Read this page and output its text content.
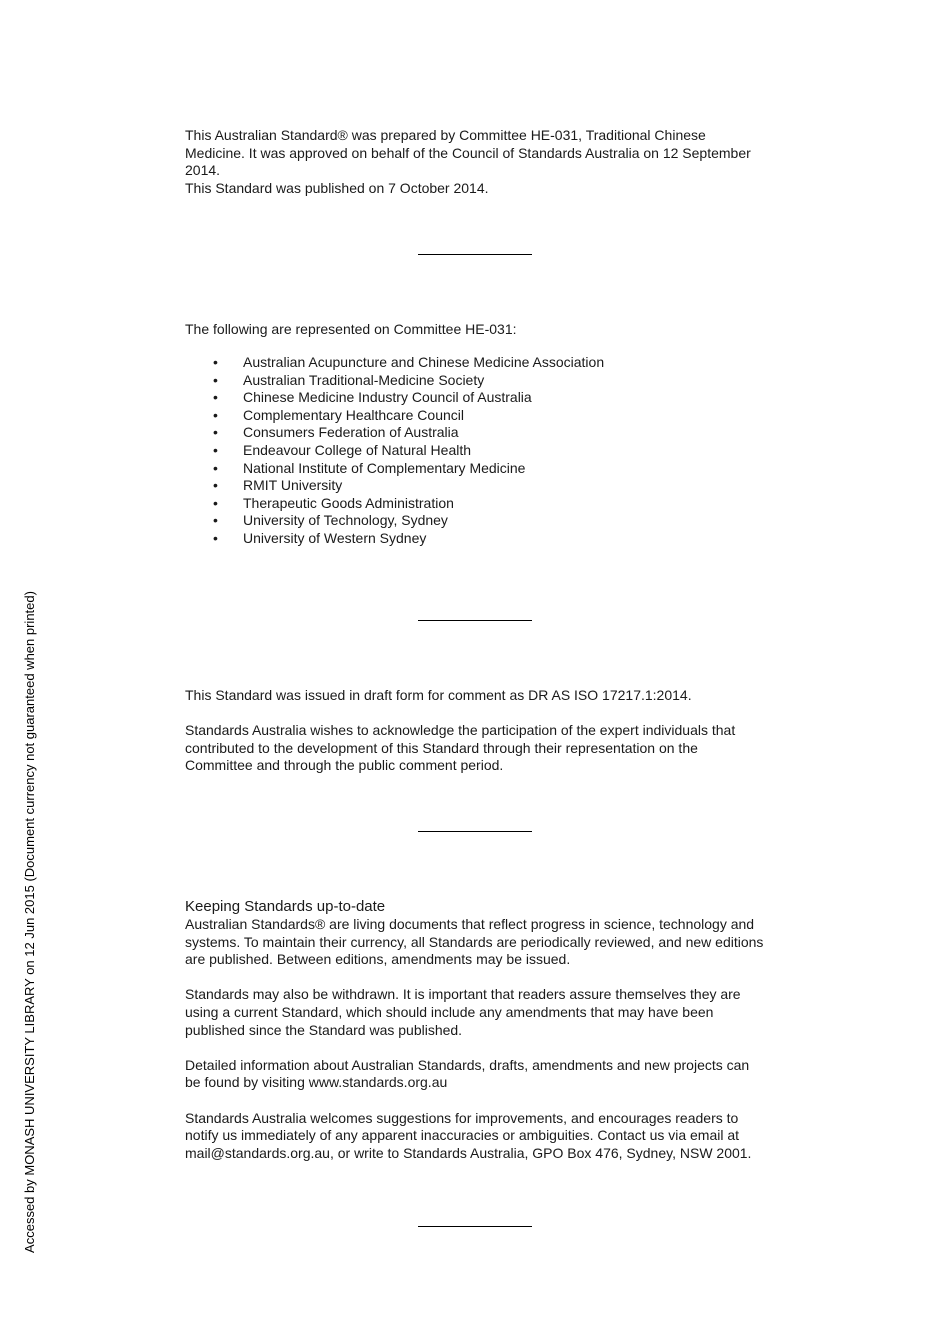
Accessed by MONASH UNIVERSITY LIBRARY on 12 Jun 2015 (Document currency not guaranteed when printed)

This Australian Standard® was prepared by Committee HE-031, Traditional Chinese

Medicine. It was approved on behalf of the Council of Standards Australia on 12 September

2014.

This Standard was published on 7 October 2014.

The following are represented on Committee HE-031:

• Australian Acupuncture and Chinese Medicine Association
• Australian Traditional-Medicine Society
• Chinese Medicine Industry Council of Australia
• Complementary Healthcare Council
• Consumers Federation of Australia
• Endeavour College of Natural Health
• National Institute of Complementary Medicine
• RMIT University
• Therapeutic Goods Administration
• University of Technology, Sydney
• University of Western Sydney

This Standard was issued in draft form for comment as DR AS ISO 17217.1:2014.

Standards Australia wishes to acknowledge the participation of the expert individuals that

contributed to the development of this Standard through their representation on the

Committee and through the public comment period.

Keeping Standards up-to-date

Australian Standards® are living documents that reflect progress in science, technology and

systems. To maintain their currency, all Standards are periodically reviewed, and new editions

are published. Between editions, amendments may be issued.

Standards may also be withdrawn. It is important that readers assure themselves they are

using a current Standard, which should include any amendments that may have been

published since the Standard was published.

Detailed information about Australian Standards, drafts, amendments and new projects can

be found by visiting www.standards.org.au

Standards Australia welcomes suggestions for improvements, and encourages readers to

notify us immediately of any apparent inaccuracies or ambiguities. Contact us via email at

mail@standards.org.au, or write to Standards Australia, GPO Box 476, Sydney, NSW 2001.
